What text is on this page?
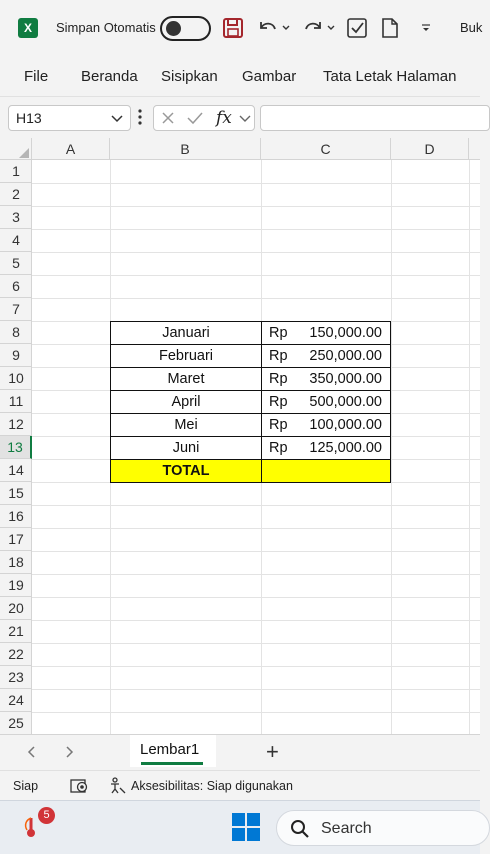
X	Simpan Otomatis	Buk
File Beranda Sisipkan Gambar Tata Letak Halaman
H13	fx
A	B	C	D
1
2
3
4
5
6
7
8
9
10
11
12
13
14
15
16
17
18
19
20
21
22
23
24
25
Januari	Rp	150,000.00
Februari	Rp	250,000.00
Maret	Rp	350,000.00
April	Rp	500,000.00
Mei	Rp	100,000.00
Juni	Rp	125,000.00
TOTAL
Lembar1	+
Siap	Aksesibilitas: Siap digunakan
5
Search
